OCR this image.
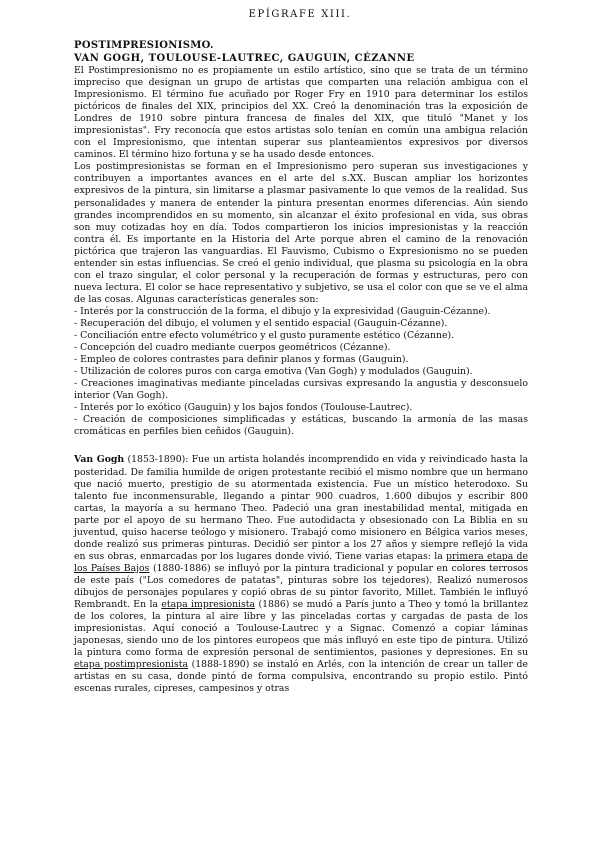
EPÍGRAFE XIII.

POSTIMPRESIONISMO.

VAN GOGH, TOULOUSE-LAUTREC, GAUGUIN, CÉZANNE

El Postimpresionismo no es propiamente un estilo artístico, sino que se trata de un término impreciso que designan un grupo de artistas que comparten una relación ambigua con el Impresionismo. El término fue acuñado por Roger Fry en 1910 para determinar los estilos pictóricos de finales del XIX, principios del XX. Creó la denominación tras la exposición de Londres de 1910 sobre pintura francesa de finales del XIX, que tituló "Manet y los impresionistas". Fry reconocía que estos artistas solo tenían en común una ambigua relación con el Impresionismo, que intentan superar sus planteamientos expresivos por diversos caminos. El término hizo fortuna y se ha usado desde entonces.

Los postimpresionistas se forman en el Impresionismo pero superan sus investigaciones y contribuyen a importantes avances en el arte del s.XX. Buscan ampliar los horizontes expresivos de la pintura, sin limitarse a plasmar pasivamente lo que vemos de la realidad. Sus personalidades y manera de entender la pintura presentan enormes diferencias. Aún siendo grandes incomprendidos en su momento, sin alcanzar el éxito profesional en vida, sus obras son muy cotizadas hoy en día. Todos compartieron los inicios impresionistas y la reacción contra él. Es importante en la Historia del Arte porque abren el camino de la renovación pictórica que trajeron las vanguardias. El Fauvismo, Cubismo o Expresionismo no se pueden entender sin estas influencias. Se creó el genio individual, que plasma su psicología en la obra con el trazo singular, el color personal y la recuperación de formas y estructuras, pero con nueva lectura. El color se hace representativo y subjetivo, se usa el color con que se ve el alma de las cosas. Algunas características generales son:

- Interés por la construcción de la forma, el dibujo y la expresividad (Gauguin-Cézanne).

- Recuperación del dibujo, el volumen y el sentido espacial (Gauguin-Cézanne).

- Conciliación entre efecto volumétrico y el gusto puramente estético (Cézanne).

- Concepción del cuadro mediante cuerpos geométricos (Cézanne).

- Empleo de colores contrastes para definir planos y formas (Gauguin).

- Utilización de colores puros con carga emotiva (Van Gogh) y modulados (Gauguin).

- Creaciones imaginativas mediante pinceladas cursivas expresando la angustia y desconsuelo interior (Van Gogh).

- Interés por lo exótico (Gauguin) y los bajos fondos (Toulouse-Lautrec).

- Creación de composiciones simplificadas y estáticas, buscando la armonía de las masas cromáticas en perfiles bien ceñidos (Gauguin).

Van Gogh (1853-1890): Fue un artista holandés incomprendido en vida y reivindicado hasta la posteridad. De familia humilde de origen protestante recibió el mismo nombre que un hermano que nació muerto, prestigio de su atormentada existencia. Fue un místico heterodoxo. Su talento fue inconmensurable, llegando a pintar 900 cuadros, 1.600 dibujos y escribir 800 cartas, la mayoría a su hermano Theo. Padeció una gran inestabilidad mental, mitigada en parte por el apoyo de su hermano Theo. Fue autodidacta y obsesionado con La Biblia en su juventud, quiso hacerse teólogo y misionero. Trabajó como misionero en Bélgica varios meses, donde realizó sus primeras pinturas. Decidió ser pintor a los 27 años y siempre reflejó la vida en sus obras, enmarcadas por los lugares donde vivió. Tiene varias etapas: la primera etapa de los Países Bajos (1880-1886) se influyó por la pintura tradicional y popular en colores terrosos de este país ("Los comedores de patatas", pinturas sobre los tejedores). Realizó numerosos dibujos de personajes populares y copió obras de su pintor favorito, Millet. También le influyó Rembrandt. En la etapa impresionista (1886) se mudó a París junto a Theo y tomó la brillantez de los colores, la pintura al aire libre y las pinceladas cortas y cargadas de pasta de los impresionistas. Aquí conoció a Toulouse-Lautrec y a Signac. Comenzó a copiar láminas japonesas, siendo uno de los pintores europeos que más influyó en este tipo de pintura. Utilizó la pintura como forma de expresión personal de sentimientos, pasiones y depresiones. En su etapa postimpresionista (1888-1890) se instaló en Arlés, con la intención de crear un taller de artistas en su casa, donde pintó de forma compulsiva, encontrando su propio estilo. Pintó escenas rurales, cipreses, campesinos y otras
